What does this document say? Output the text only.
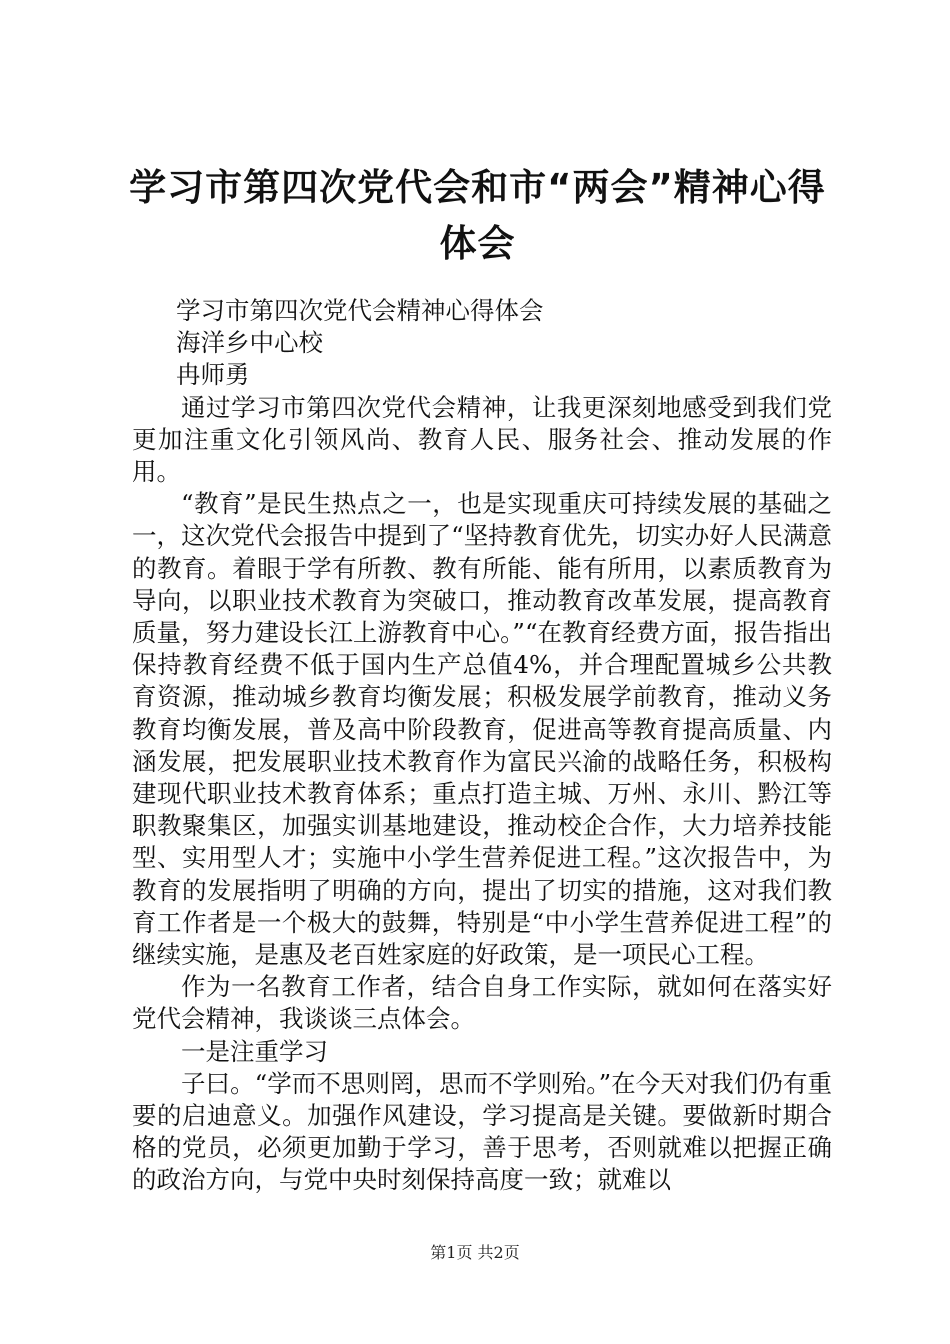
学习市第四次党代会和市“两会”精神心得体会

学习市第四次党代会精神心得体会

海洋乡中心校

冉师勇

通过学习市第四次党代会精神，让我更深刻地感受到我们党更加注重文化引领风尚、教育人民、服务社会、推动发展的作用。

“教育”是民生热点之一，也是实现重庆可持续发展的基础之一，这次党代会报告中提到了“坚持教育优先，切实办好人民满意的教育。着眼于学有所教、教有所能、能有所用，以素质教育为导向，以职业技术教育为突破口，推动教育改革发展，提高教育质量，努力建设长江上游教育中心。”“在教育经费方面，报告指出保持教育经费不低于国内生产总值4%，并合理配置城乡公共教育资源，推动城乡教育均衡发展；积极发展学前教育，推动义务教育均衡发展，普及高中阶段教育，促进高等教育提高质量、内涵发展，把发展职业技术教育作为富民兴渝的战略任务，积极构建现代职业技术教育体系；重点打造主城、万州、永川、黔江等职教聚集区，加强实训基地建设，推动校企合作，大力培养技能型、实用型人才；实施中小学生营养促进工程。”这次报告中，为教育的发展指明了明确的方向，提出了切实的措施，这对我们教育工作者是一个极大的鼓舞，特别是“中小学生营养促进工程”的继续实施，是惠及老百姓家庭的好政策，是一项民心工程。

作为一名教育工作者，结合自身工作实际，就如何在落实好党代会精神，我谈谈三点体会。

一是注重学习

子曰。“学而不思则罔，思而不学则殆。”在今天对我们仍有重要的启迪意义。加强作风建设，学习提高是关键。要做新时期合格的党员，必须更加勤于学习，善于思考，否则就难以把握正确的政治方向，与党中央时刻保持高度一致；就难以

第1页 共2页
